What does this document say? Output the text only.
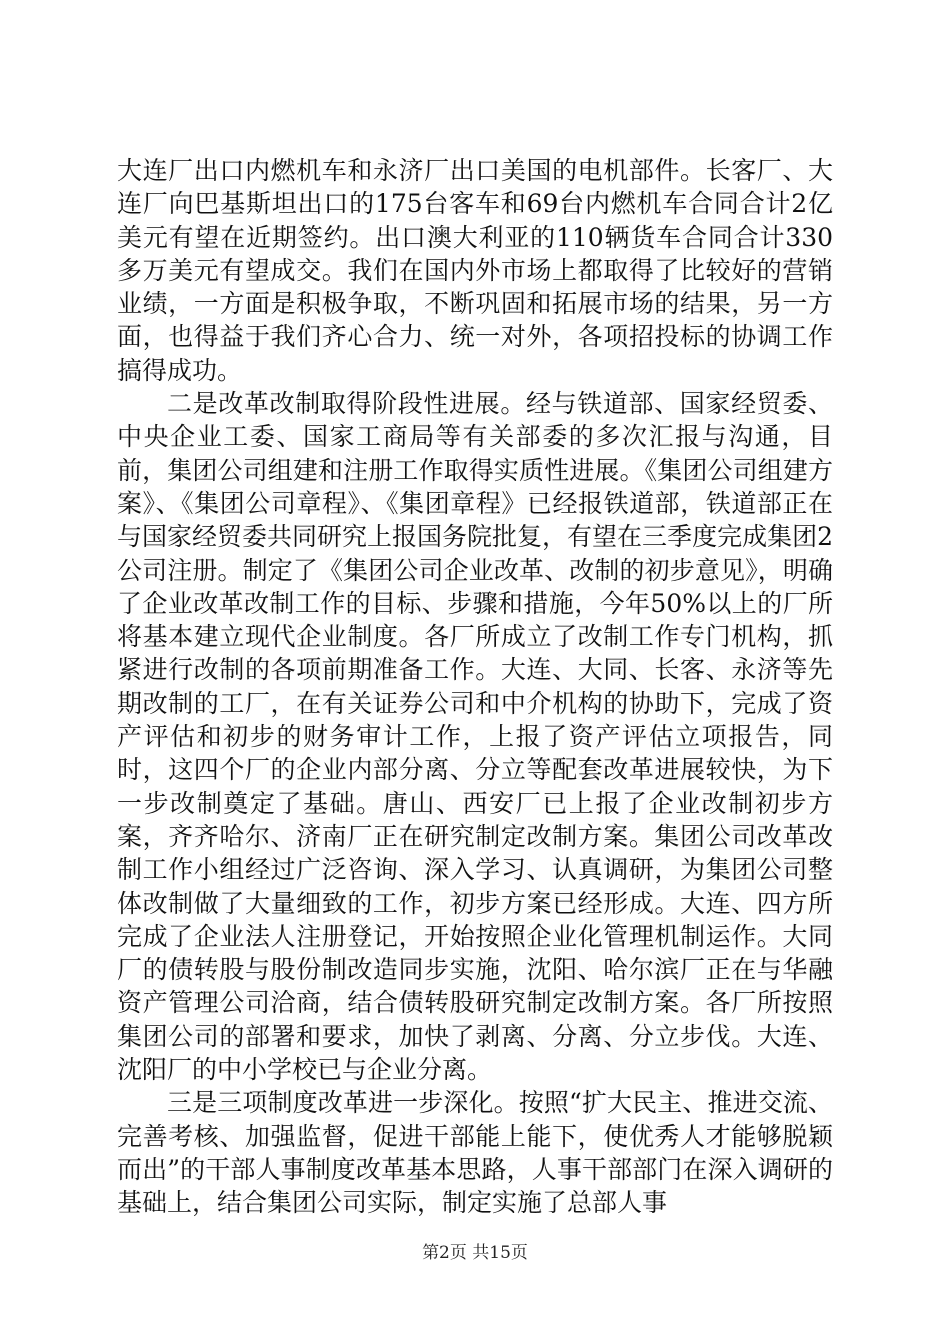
大连厂出口内燃机车和永济厂出口美国的电机部件。长客厂、大连厂向巴基斯坦出口的175台客车和69台内燃机车合同合计2亿美元有望在近期签约。出口澳大利亚的110辆货车合同合计330多万美元有望成交。我们在国内外市场上都取得了比较好的营销业绩，一方面是积极争取，不断巩固和拓展市场的结果，另一方面，也得益于我们齐心合力、统一对外，各项招投标的协调工作搞得成功。

二是改革改制取得阶段性进展。经与铁道部、国家经贸委、中央企业工委、国家工商局等有关部委的多次汇报与沟通，目前，集团公司组建和注册工作取得实质性进展。《集团公司组建方案》、《集团公司章程》、《集团章程》已经报铁道部，铁道部正在与国家经贸委共同研究上报国务院批复，有望在三季度完成集团2公司注册。制定了《集团公司企业改革、改制的初步意见》，明确了企业改革改制工作的目标、步骤和措施，今年50%以上的厂所将基本建立现代企业制度。各厂所成立了改制工作专门机构，抓紧进行改制的各项前期准备工作。大连、大同、长客、永济等先期改制的工厂，在有关证券公司和中介机构的协助下，完成了资产评估和初步的财务审计工作，上报了资产评估立项报告，同时，这四个厂的企业内部分离、分立等配套改革进展较快，为下一步改制奠定了基础。唐山、西安厂已上报了企业改制初步方案，齐齐哈尔、济南厂正在研究制定改制方案。集团公司改革改制工作小组经过广泛咨询、深入学习、认真调研，为集团公司整体改制做了大量细致的工作，初步方案已经形成。大连、四方所完成了企业法人注册登记，开始按照企业化管理机制运作。大同厂的债转股与股份制改造同步实施，沈阳、哈尔滨厂正在与华融资产管理公司洽商，结合债转股研究制定改制方案。各厂所按照集团公司的部署和要求，加快了剥离、分离、分立步伐。大连、沈阳厂的中小学校已与企业分离。

三是三项制度改革进一步深化。按照“扩大民主、推进交流、完善考核、加强监督，促进干部能上能下，使优秀人才能够脱颖而出”的干部人事制度改革基本思路，人事干部部门在深入调研的基础上，结合集团公司实际，制定实施了总部人事

第2页 共15页
